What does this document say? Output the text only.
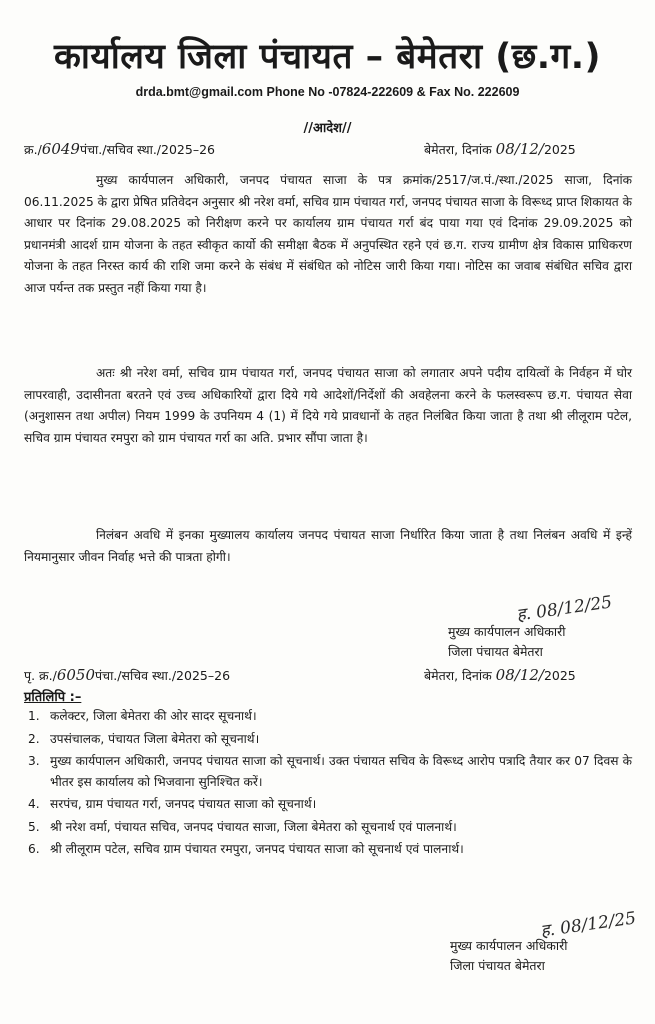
कार्यालय जिला पंचायत – बेमेतरा (छ.ग.)
drda.bmt@gmail.com Phone No -07824-222609 & Fax No. 222609
//आदेश//
क्र./6049पंचा./सचिव स्था./2025–26	बेमेतरा, दिनांक 08/12/2025

मुख्य कार्यपालन अधिकारी, जनपद पंचायत साजा के पत्र क्रमांक/2517/ज.पं./स्था./2025 साजा, दिनांक 06.11.2025 के द्वारा प्रेषित प्रतिवेदन अनुसार श्री नरेश वर्मा, सचिव ग्राम पंचायत गर्रा, जनपद पंचायत साजा के विरूध्द प्राप्त शिकायत के आधार पर दिनांक 29.08.2025 को निरीक्षण करने पर कार्यालय ग्राम पंचायत गर्रा बंद पाया गया एवं दिनांक 29.09.2025 को प्रधानमंत्री आदर्श ग्राम योजना के तहत स्वीकृत कार्यो की समीक्षा बैठक में अनुपस्थित रहने एवं छ.ग. राज्य ग्रामीण क्षेत्र विकास प्राधिकरण योजना के तहत निरस्त कार्य की राशि जमा करने के संबंध में संबंधित को नोटिस जारी किया गया। नोटिस का जवाब संबंधित सचिव द्वारा आज पर्यन्त तक प्रस्तुत नहीं किया गया है।

अतः श्री नरेश वर्मा, सचिव ग्राम पंचायत गर्रा, जनपद पंचायत साजा को लगातार अपने पदीय दायित्वों के निर्वहन में घोर लापरवाही, उदासीनता बरतने एवं उच्च अधिकारियों द्वारा दिये गये आदेशों/निर्देशों की अवहेलना करने के फलस्वरूप छ.ग. पंचायत सेवा (अनुशासन तथा अपील) नियम 1999 के उपनियम 4 (1) में दिये गये प्रावधानों के तहत निलंबित किया जाता है तथा श्री लीलूराम पटेल, सचिव ग्राम पंचायत रमपुरा को ग्राम पंचायत गर्रा का अति. प्रभार सौंपा जाता है।

निलंबन अवधि में इनका मुख्यालय कार्यालय जनपद पंचायत साजा निर्धारित किया जाता है तथा निलंबन अवधि में इन्हें नियमानुसार जीवन निर्वाह भत्ते की पात्रता होगी।

ह. 08/12/25
मुख्य कार्यपालन अधिकारी
जिला पंचायत बेमेतरा
पृ. क्र./6050पंचा./सचिव स्था./2025–26	बेमेतरा, दिनांक 08/12/2025
प्रतिलिपि :–
1. कलेक्टर, जिला बेमेतरा की ओर सादर सूचनार्थ।
2. उपसंचालक, पंचायत जिला बेमेतरा को सूचनार्थ।
3. मुख्य कार्यपालन अधिकारी, जनपद पंचायत साजा को सूचनार्थ। उक्त पंचायत सचिव के विरूध्द आरोप पत्रादि तैयार कर 07 दिवस के भीतर इस कार्यालय को भिजवाना सुनिश्चित करें।
4. सरपंच, ग्राम पंचायत गर्रा, जनपद पंचायत साजा को सूचनार्थ।
5. श्री नरेश वर्मा, पंचायत सचिव, जनपद पंचायत साजा, जिला बेमेतरा को सूचनार्थ एवं पालनार्थ।
6. श्री लीलूराम पटेल, सचिव ग्राम पंचायत रमपुरा, जनपद पंचायत साजा को सूचनार्थ एवं पालनार्थ।
ह. 08/12/25
मुख्य कार्यपालन अधिकारी
जिला पंचायत बेमेतरा
